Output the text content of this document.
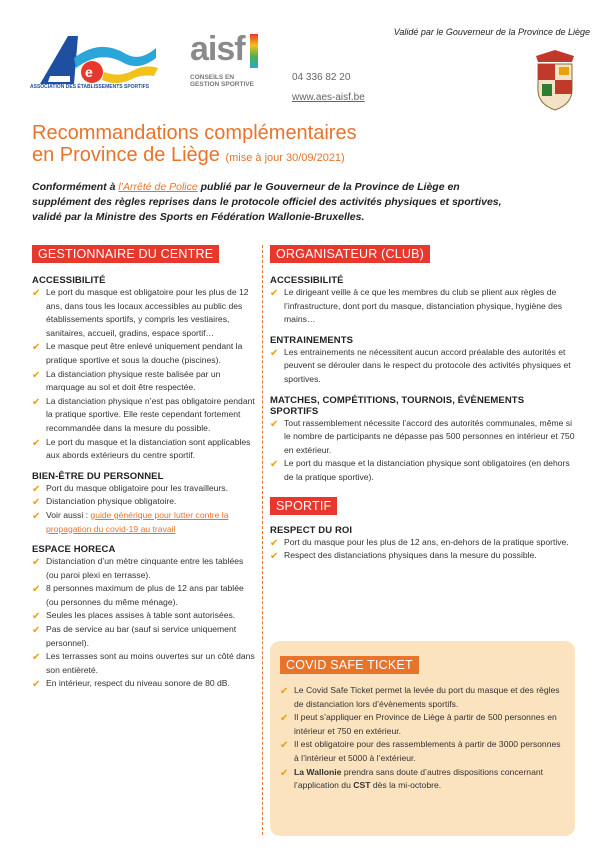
Validé par le Gouverneur de la Province de Liège
e
ASSOCIATION DES ÉTABLISSEMENTS SPORTIFS
aisf
CONSEILS EN GESTION SPORTIVE
04 336 82 20
www.aes-aisf.be
Recommandations complémentaires
en Province de Liège (mise à jour 30/09/2021)
Conformément à l’Arrêté de Police publié par le Gouverneur de la Province de Liège en supplément des règles reprises dans le protocole officiel des activités physiques et sportives, validé par la Ministre des Sports en Fédération Wallonie-Bruxelles.
GESTIONNAIRE DU CENTRE
ACCESSIBILITÉ
✔ Le port du masque est obligatoire pour les plus de 12 ans, dans tous les locaux accessibles au public des établissements sportifs, y compris les vestiaires, sanitaires, accueil, gradins, espace sportif…
✔ Le masque peut être enlevé uniquement pendant la pratique sportive et sous la douche (piscines).
✔ La distanciation physique reste balisée par un marquage au sol et doit être respectée.
✔ La distanciation physique n’est pas obligatoire pendant la pratique sportive. Elle reste cependant fortement recommandée dans la mesure du possible.
✔ Le port du masque et la distanciation sont applicables aux abords extérieurs du centre sportif.
BIEN-ÊTRE DU PERSONNEL
✔ Port du masque obligatoire pour les travailleurs.
✔ Distanciation physique obligatoire.
✔ Voir aussi : guide générique pour lutter contre la propagation du covid-19 au travail
ESPACE HORECA
✔ Distanciation d’un mètre cinquante entre les tablées (ou paroi plexi en terrasse).
✔ 8 personnes maximum de plus de 12 ans par tablée (ou personnes du même ménage).
✔ Seules les places assises à table sont autorisées.
✔ Pas de service au bar (sauf si service uniquement personnel).
✔ Les terrasses sont au moins ouvertes sur un côté dans son entièreté.
✔ En intérieur, respect du niveau sonore de 80 dB.
ORGANISATEUR (CLUB)
ACCESSIBILITÉ
✔ Le dirigeant veille à ce que les membres du club se plient aux règles de l’infrastructure, dont port du masque, distanciation physique, hygiène des mains…
ENTRAINEMENTS
✔ Les entrainements ne nécessitent aucun accord préalable des autorités et peuvent se dérouler dans le respect du protocole des activités physiques et sportives.
MATCHES, COMPÉTITIONS, TOURNOIS, ÉVÈNEMENTS SPORTIFS
✔ Tout rassemblement nécessite l’accord des autorités communales, même si le nombre de participants ne dépasse pas 500 personnes en intérieur et 750 en extérieur.
✔ Le port du masque et la distanciation physique sont obligatoires (en dehors de la pratique sportive).
SPORTIF
RESPECT DU ROI
✔ Port du masque pour les plus de 12 ans, en-dehors de la pratique sportive.
✔ Respect des distanciations physiques dans la mesure du possible.
COVID SAFE TICKET
✔ Le Covid Safe Ticket permet la levée du port du masque et des règles de distanciation lors d’évènements sportifs.
✔ Il peut s’appliquer en Province de Liège à partir de 500 personnes en intérieur et 750 en extérieur.
✔ Il est obligatoire pour des rassemblements à partir de 3000 personnes à l’intérieur et 5000 à l’extérieur.
✔ La Wallonie prendra sans doute d’autres dispositions concernant l’application du CST dès la mi-octobre.
